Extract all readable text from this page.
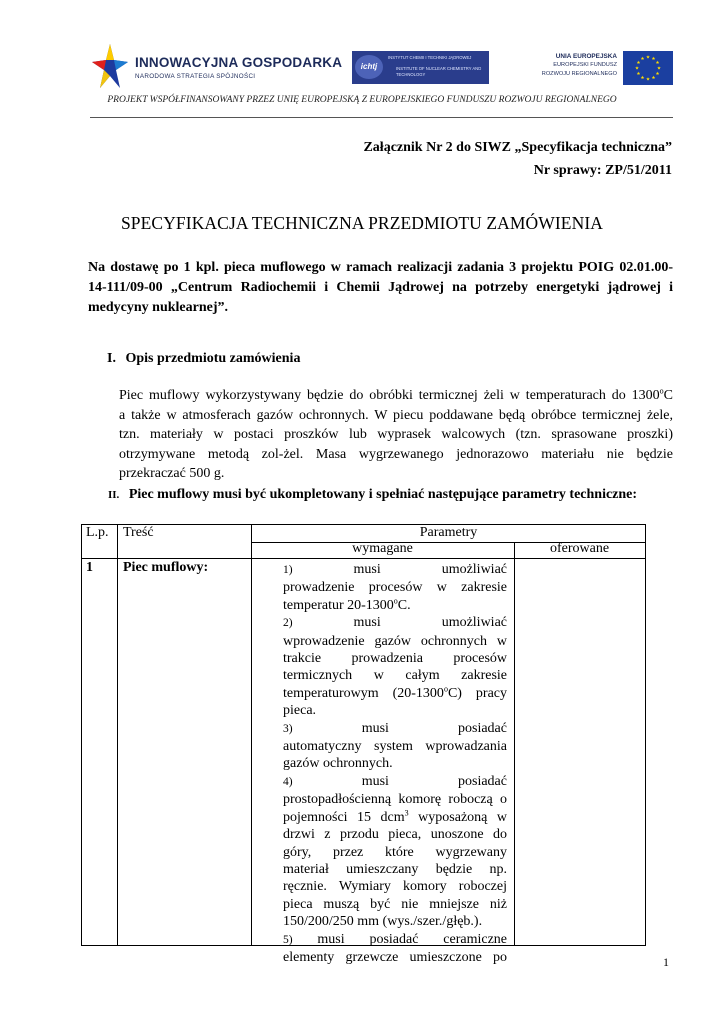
INNOWACYJNA GOSPODARKA
NARODOWA STRATEGIA SPÓJNOŚCI
ichtj
INSTYTUT CHEMII I TECHNIKI JĄDROWEJ
INSTITUTE OF NUCLEAR CHEMISTRY AND TECHNOLOGY
UNIA EUROPEJSKA
EUROPEJSKI FUNDUSZ
ROZWOJU REGIONALNEGO
PROJEKT WSPÓŁFINANSOWANY PRZEZ UNIĘ EUROPEJSKĄ Z EUROPEJSKIEGO FUNDUSZU ROZWOJU REGIONALNEGO
Załącznik Nr 2 do SIWZ „Specyfikacja techniczna”
Nr sprawy: ZP/51/2011
SPECYFIKACJA TECHNICZNA PRZEDMIOTU ZAMÓWIENIA
Na dostawę po 1 kpl. pieca muflowego w ramach realizacji zadania 3 projektu POIG 02.01.00-
14-111/09-00 „Centrum Radiochemii i Chemii Jądrowej na potrzeby energetyki jądrowej i
medycyny nuklearnej”.
I. Opis przedmiotu zamówienia
Piec muflowy wykorzystywany będzie do obróbki termicznej żeli w temperaturach do 1300$^o$C
a także w atmosferach gazów ochronnych. W piecu poddawane będą obróbce termicznej żele,
tzn. materiały w postaci proszków lub wyprasek walcowych (tzn. sprasowane proszki)
otrzymywane metodą zol-żel. Masa wygrzewanego jednorazowo materiału nie będzie
przekraczać 500 g.
II. Piec muflowy musi być ukompletowany i spełniać następujące parametry techniczne:
L.p. Treść	Parametry
wymagane	oferowane
1 Piec muflowy:	1)	musi umożliwiać
prowadzenie procesów w zakresie
temperatur 20-1300$^o$C.
2)	musi umożliwiać
wprowadzenie gazów ochronnych w
trakcie prowadzenia procesów
termicznych w całym zakresie
temperaturowym (20-1300$^o$C) pracy
pieca.
3)	musi posiadać
automatyczny system wprowadzania
gazów ochronnych.
4)	musi posiadać
prostopadłościenną komorę roboczą o
pojemności 15 dcm$^3$ wyposażoną w
drzwi z przodu pieca, unoszone do
góry, przez które wygrzewany
materiał umieszczany będzie np.
ręcznie. Wymiary komory roboczej
pieca muszą być nie mniejsze niż
150/200/250 mm (wys./szer./głęb.).
5) musi posiadać ceramiczne
elementy grzewcze umieszczone po	1
